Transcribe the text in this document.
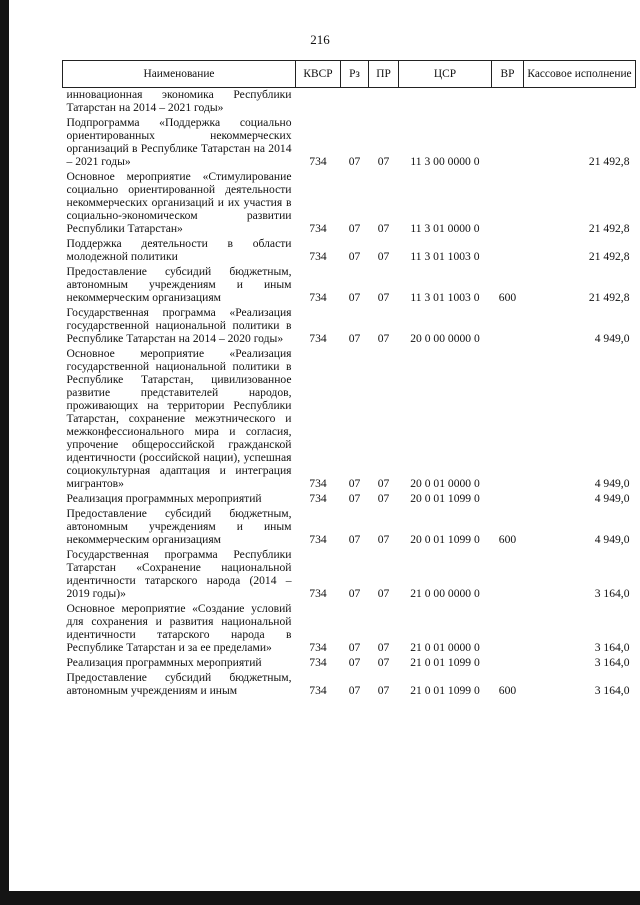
216
Наименование	КВСР	Рз	ПР	ЦСР	ВР	Кассовое исполнение
инновационная экономика Республики Татарстан на 2014 – 2021 годы»						
Подпрограмма «Поддержка социально ориентированных некоммерческих организаций в Республике Татарстан на 2014 – 2021 годы»	734	07	07	11 3 00 0000 0		21 492,8
Основное мероприятие «Стимулирование социально ориентированной деятельности некоммерческих организаций и их участия в социально-экономическом развитии Республики Татарстан»	734	07	07	11 3 01 0000 0		21 492,8
Поддержка деятельности в области молодежной политики	734	07	07	11 3 01 1003 0		21 492,8
Предоставление субсидий бюджетным, автономным учреждениям и иным некоммерческим организациям	734	07	07	11 3 01 1003 0	600	21 492,8
Государственная программа «Реализация государственной национальной политики в Республике Татарстан на 2014 – 2020 годы»	734	07	07	20 0 00 0000 0		4 949,0
Основное мероприятие «Реализация государственной национальной политики в Республике Татарстан, цивилизованное развитие представителей народов, проживающих на территории Республики Татарстан, сохранение межэтнического и межконфессионального мира и согласия, упрочение общероссийской гражданской идентичности (российской нации), успешная социокультурная адаптация и интеграция мигрантов»	734	07	07	20 0 01 0000 0		4 949,0
Реализация программных мероприятий	734	07	07	20 0 01 1099 0		4 949,0
Предоставление субсидий бюджетным, автономным учреждениям и иным некоммерческим организациям	734	07	07	20 0 01 1099 0	600	4 949,0
Государственная программа Республики Татарстан «Сохранение национальной идентичности татарского народа (2014 – 2019 годы)»	734	07	07	21 0 00 0000 0		3 164,0
Основное мероприятие «Создание условий для сохранения и развития национальной идентичности татарского народа в Республике Татарстан и за ее пределами»	734	07	07	21 0 01 0000 0		3 164,0
Реализация программных мероприятий	734	07	07	21 0 01 1099 0		3 164,0
Предоставление субсидий бюджетным, автономным учреждениям и иным	734	07	07	21 0 01 1099 0	600	3 164,0
